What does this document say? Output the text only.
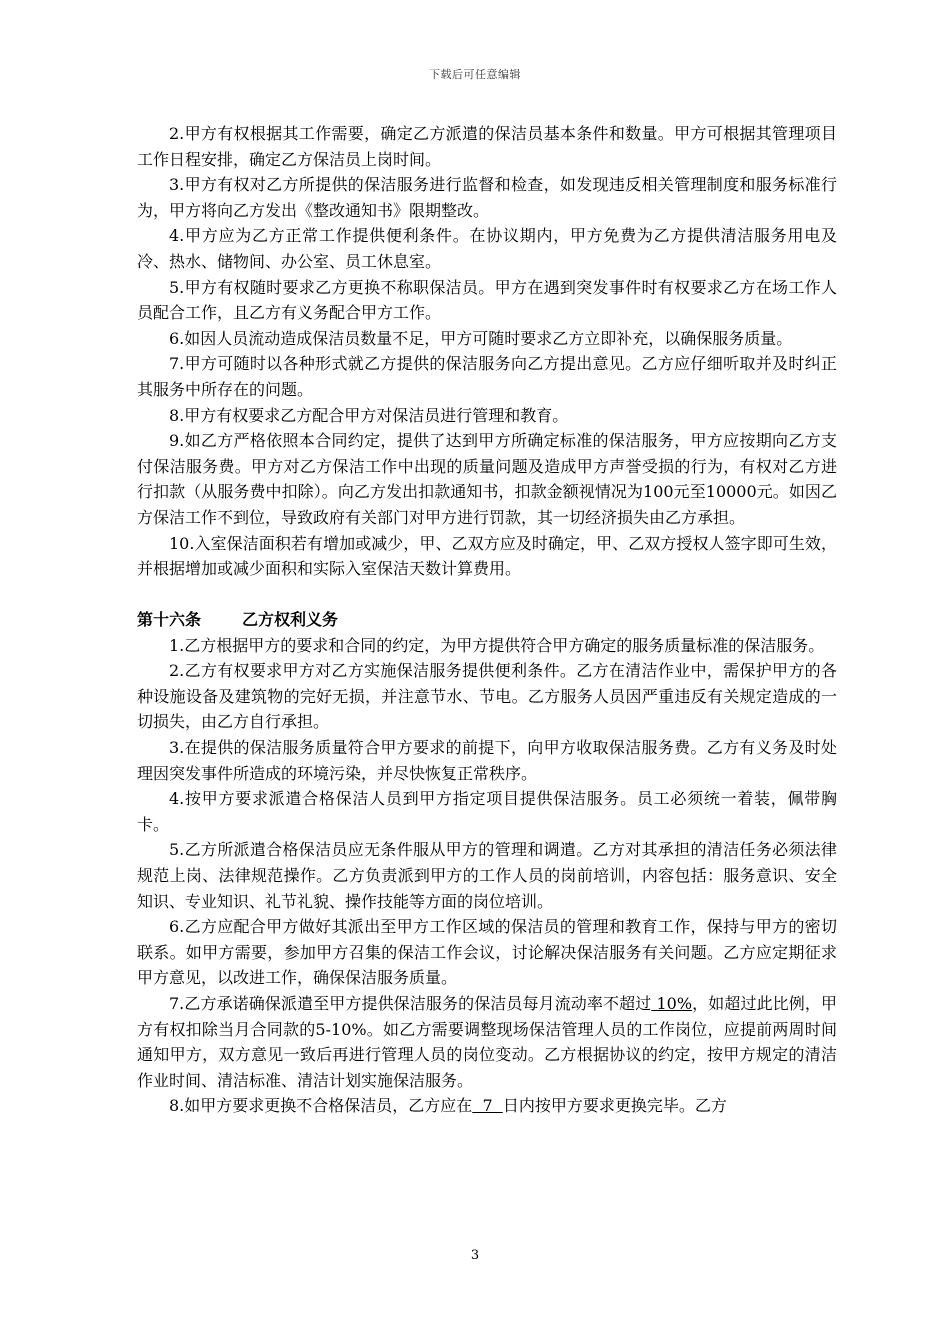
下载后可任意编辑

2.甲方有权根据其工作需要，确定乙方派遣的保洁员基本条件和数量。甲方可根据其管理项目工作日程安排，确定乙方保洁员上岗时间。

3.甲方有权对乙方所提供的保洁服务进行监督和检查，如发现违反相关管理制度和服务标准行为，甲方将向乙方发出《整改通知书》限期整改。

4.甲方应为乙方正常工作提供便利条件。在协议期内，甲方免费为乙方提供清洁服务用电及冷、热水、储物间、办公室、员工休息室。

5.甲方有权随时要求乙方更换不称职保洁员。甲方在遇到突发事件时有权要求乙方在场工作人员配合工作，且乙方有义务配合甲方工作。

6.如因人员流动造成保洁员数量不足，甲方可随时要求乙方立即补充，以确保服务质量。

7.甲方可随时以各种形式就乙方提供的保洁服务向乙方提出意见。乙方应仔细听取并及时纠正其服务中所存在的问题。

8.甲方有权要求乙方配合甲方对保洁员进行管理和教育。

9.如乙方严格依照本合同约定，提供了达到甲方所确定标准的保洁服务，甲方应按期向乙方支付保洁服务费。甲方对乙方保洁工作中出现的质量问题及造成甲方声誉受损的行为，有权对乙方进行扣款（从服务费中扣除）。向乙方发出扣款通知书，扣款金额视情况为100元至10000元。如因乙方保洁工作不到位，导致政府有关部门对甲方进行罚款，其一切经济损失由乙方承担。

10.入室保洁面积若有增加或减少，甲、乙双方应及时确定，甲、乙双方授权人签字即可生效，并根据增加或减少面积和实际入室保洁天数计算费用。

第十六条	乙方权利义务

1.乙方根据甲方的要求和合同的约定，为甲方提供符合甲方确定的服务质量标准的保洁服务。

2.乙方有权要求甲方对乙方实施保洁服务提供便利条件。乙方在清洁作业中，需保护甲方的各种设施设备及建筑物的完好无损，并注意节水、节电。乙方服务人员因严重违反有关规定造成的一切损失，由乙方自行承担。

3.在提供的保洁服务质量符合甲方要求的前提下，向甲方收取保洁服务费。乙方有义务及时处理因突发事件所造成的环境污染，并尽快恢复正常秩序。

4.按甲方要求派遣合格保洁人员到甲方指定项目提供保洁服务。员工必须统一着装，佩带胸卡。

5.乙方所派遣合格保洁员应无条件服从甲方的管理和调遣。乙方对其承担的清洁任务必须法律规范上岗、法律规范操作。乙方负责派到甲方的工作人员的岗前培训，内容包括：服务意识、安全知识、专业知识、礼节礼貌、操作技能等方面的岗位培训。

6.乙方应配合甲方做好其派出至甲方工作区域的保洁员的管理和教育工作，保持与甲方的密切联系。如甲方需要，参加甲方召集的保洁工作会议，讨论解决保洁服务有关问题。乙方应定期征求甲方意见，以改进工作，确保保洁服务质量。

7.乙方承诺确保派遣至甲方提供保洁服务的保洁员每月流动率不超过 10%，如超过此比例，甲方有权扣除当月合同款的5-10%。如乙方需要调整现场保洁管理人员的工作岗位，应提前两周时间通知甲方，双方意见一致后再进行管理人员的岗位变动。乙方根据协议的约定，按甲方规定的清洁作业时间、清洁标准、清洁计划实施保洁服务。

8.如甲方要求更换不合格保洁员，乙方应在  7  日内按甲方要求更换完毕。乙方

3
